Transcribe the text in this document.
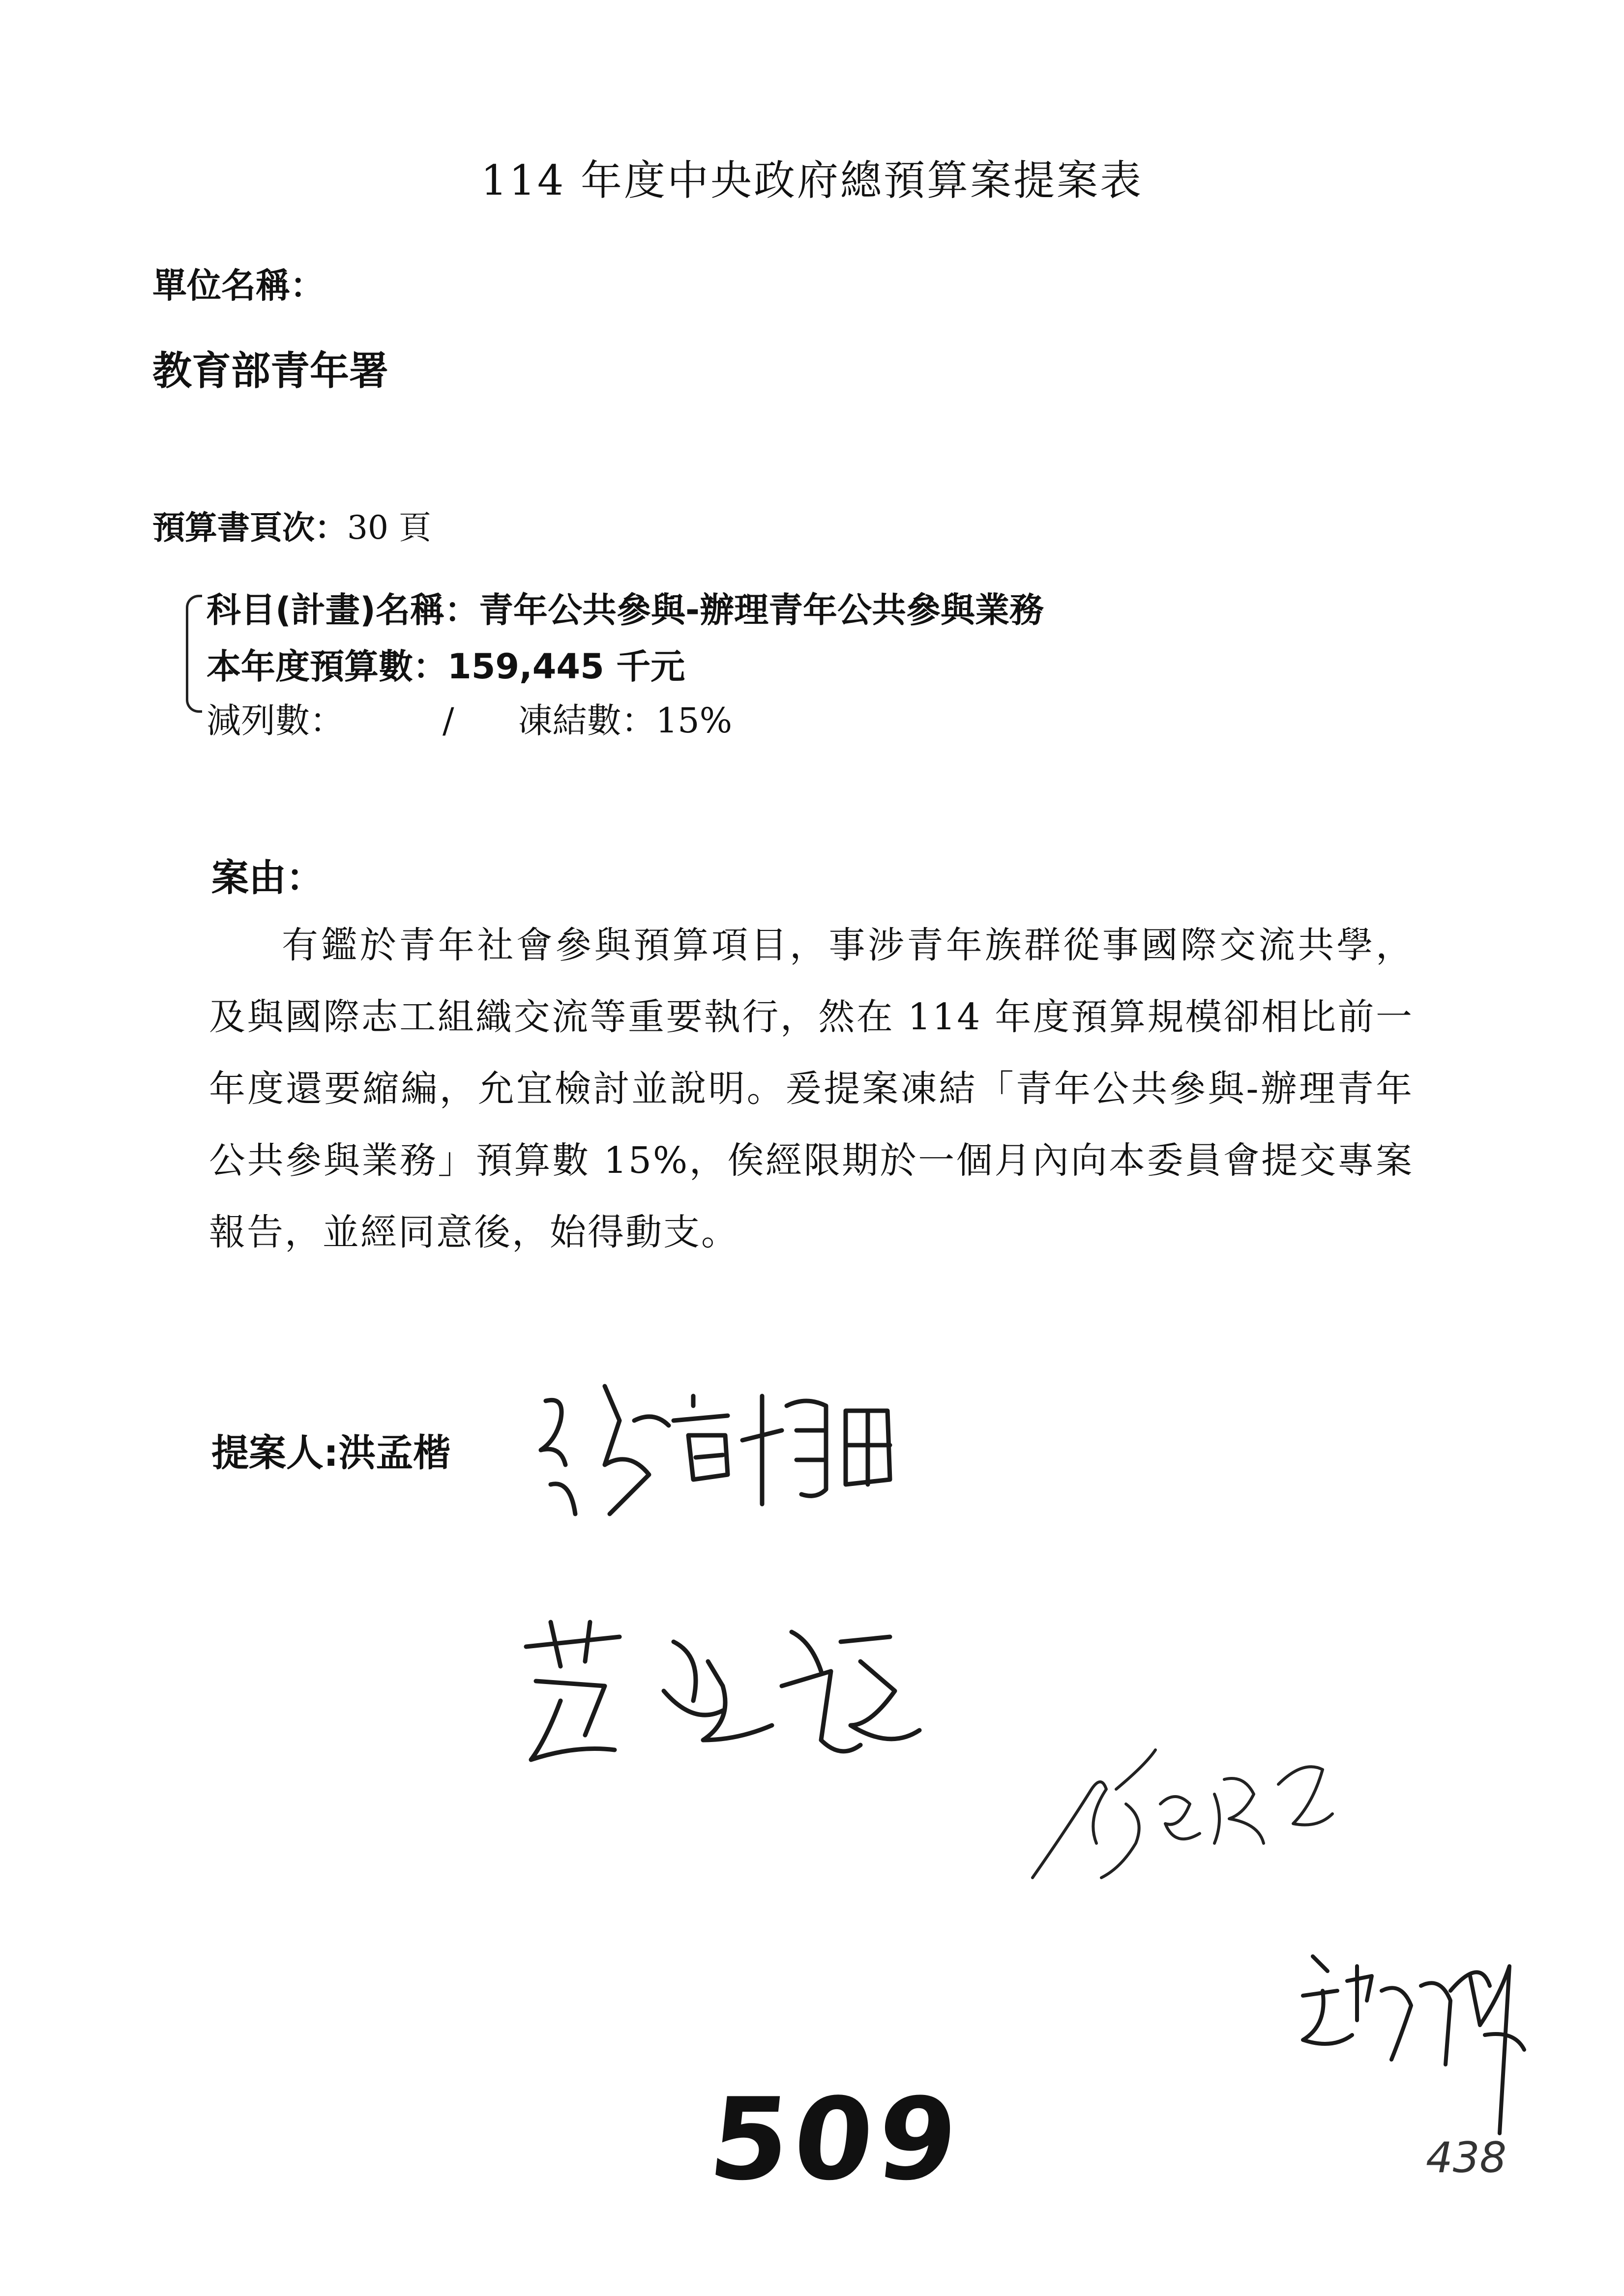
114 年度中央政府總預算案提案表
單位名稱：
教育部青年署
預算書頁次：30 頁
科目(計畫)名稱：青年公共參與-辦理青年公共參與業務
本年度預算數：159,445 千元
減列數：	/ 凍結數：15%
案由：
有鑑於青年社會參與預算項目，事涉青年族群從事國際交流共學，及與國際志工組織交流等重要執行，然在 114 年度預算規模卻相比前一年度還要縮編，允宜檢討並說明。爰提案凍結「青年公共參與-辦理青年公共參與業務」預算數 15%，俟經限期於一個月內向本委員會提交專案報告，並經同意後，始得動支。
提案人:洪孟楷
509	438
